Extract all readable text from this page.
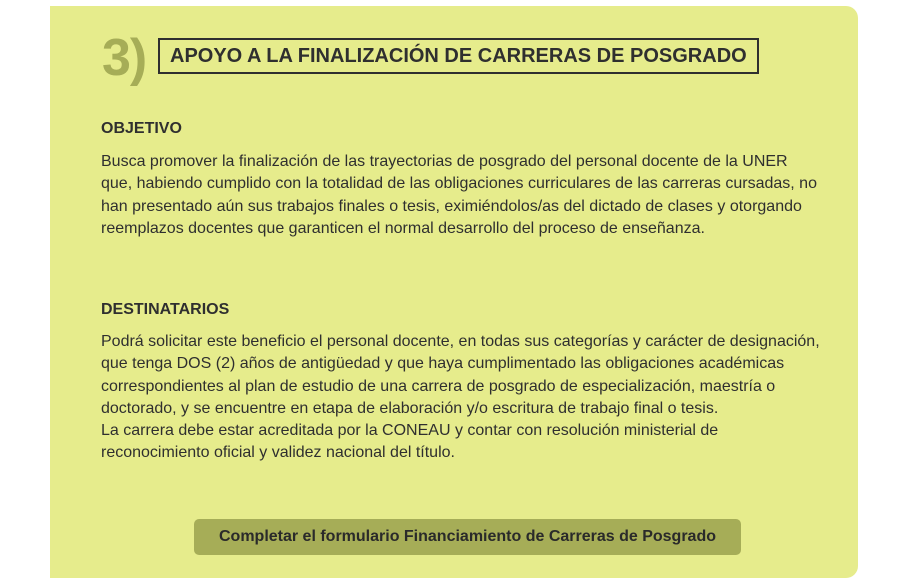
3)	APOYO A LA FINALIZACIÓN DE CARRERAS DE POSGRADO
OBJETIVO

Busca promover la finalización de las trayectorias de posgrado del personal docente de la UNER que, habiendo cumplido con la totalidad de las obligaciones curriculares de las carreras cursadas, no han presentado aún sus trabajos finales o tesis, eximiéndolos/as del dictado de clases y otorgando reemplazos docentes que garanticen el normal desarrollo del proceso de enseñanza.

DESTINATARIOS

Podrá solicitar este beneficio el personal docente, en todas sus categorías y carácter de designación, que tenga DOS (2) años de antigüedad y que haya cumplimentado las obligaciones académicas correspondientes al plan de estudio de una carrera de posgrado de especialización, maestría o doctorado, y se encuentre en etapa de elaboración y/o escritura de trabajo final o tesis.

La carrera debe estar acreditada por la CONEAU y contar con resolución ministerial de reconocimiento oficial y validez nacional del título.

Completar el formulario Financiamiento de Carreras de Posgrado
